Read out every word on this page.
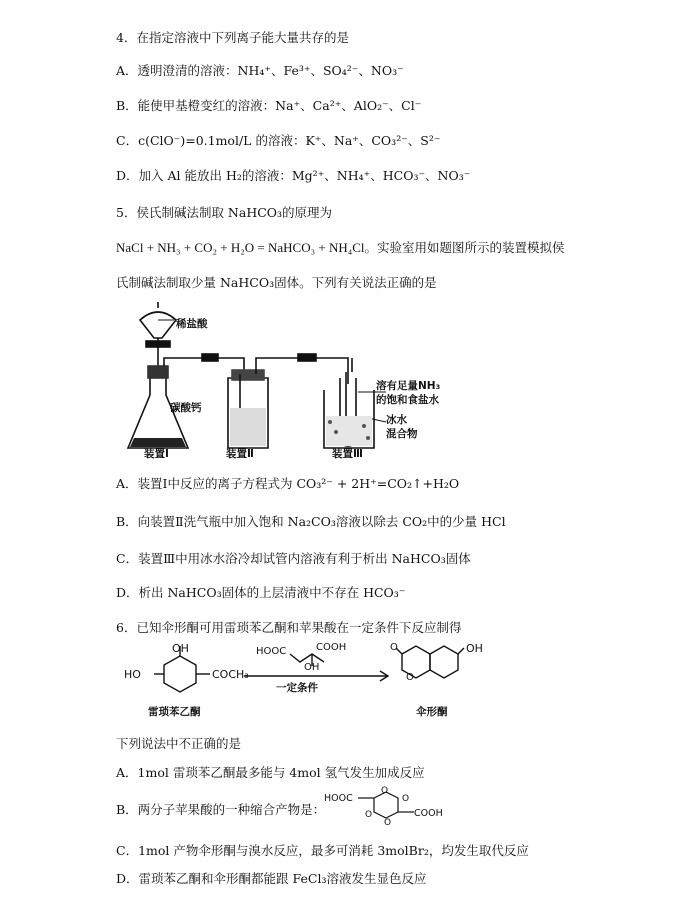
4．在指定溶液中下列离子能大量共存的是
A．透明澄清的溶液：NH₄⁺、Fe³⁺、SO₄²⁻、NO₃⁻
B．能使甲基橙变红的溶液：Na⁺、Ca²⁺、AlO₂⁻、Cl⁻
C．c(ClO⁻)=0.1mol/L 的溶液：K⁺、Na⁺、CO₃²⁻、S²⁻
D．加入 Al 能放出 H₂的溶液：Mg²⁺、NH₄⁺、HCO₃⁻、NO₃⁻
5．侯氏制碱法制取 NaHCO₃的原理为
NaCl + NH₃ + CO₂ + H₂O = NaHCO₃ + NH₄Cl。实验室用如题图所示的装置模拟侯
氏制碱法制取少量 NaHCO₃固体。下列有关说法正确的是
稀盐酸
碳酸钙
溶有足量NH₃
的饱和食盐水
冰水
混合物
装置Ⅰ	装置Ⅱ	装置Ⅲ
A．装置Ⅰ中反应的离子方程式为 CO₃²⁻ + 2H⁺=CO₂↑+H₂O
B．向装置Ⅱ洗气瓶中加入饱和 Na₂CO₃溶液以除去 CO₂中的少量 HCl
C．装置Ⅲ中用冰水浴冷却试管内溶液有利于析出 NaHCO₃固体
D．析出 NaHCO₃固体的上层清液中不存在 HCO₃⁻
6．已知伞形酮可用雷琐苯乙酮和苹果酸在一定条件下反应制得
OH
HO	COCH₃
HOOC	COOH
OH
一定条件
O
O
OH
雷琐苯乙酮	伞形酮
下列说法中不正确的是
A．1mol 雷琐苯乙酮最多能与 4mol 氢气发生加成反应
B．两分子苹果酸的一种缩合产物是：
HOOC
COOH
O
O
O
O
C．1mol 产物伞形酮与溴水反应，最多可消耗 3molBr₂，均发生取代反应
D．雷琐苯乙酮和伞形酮都能跟 FeCl₃溶液发生显色反应
